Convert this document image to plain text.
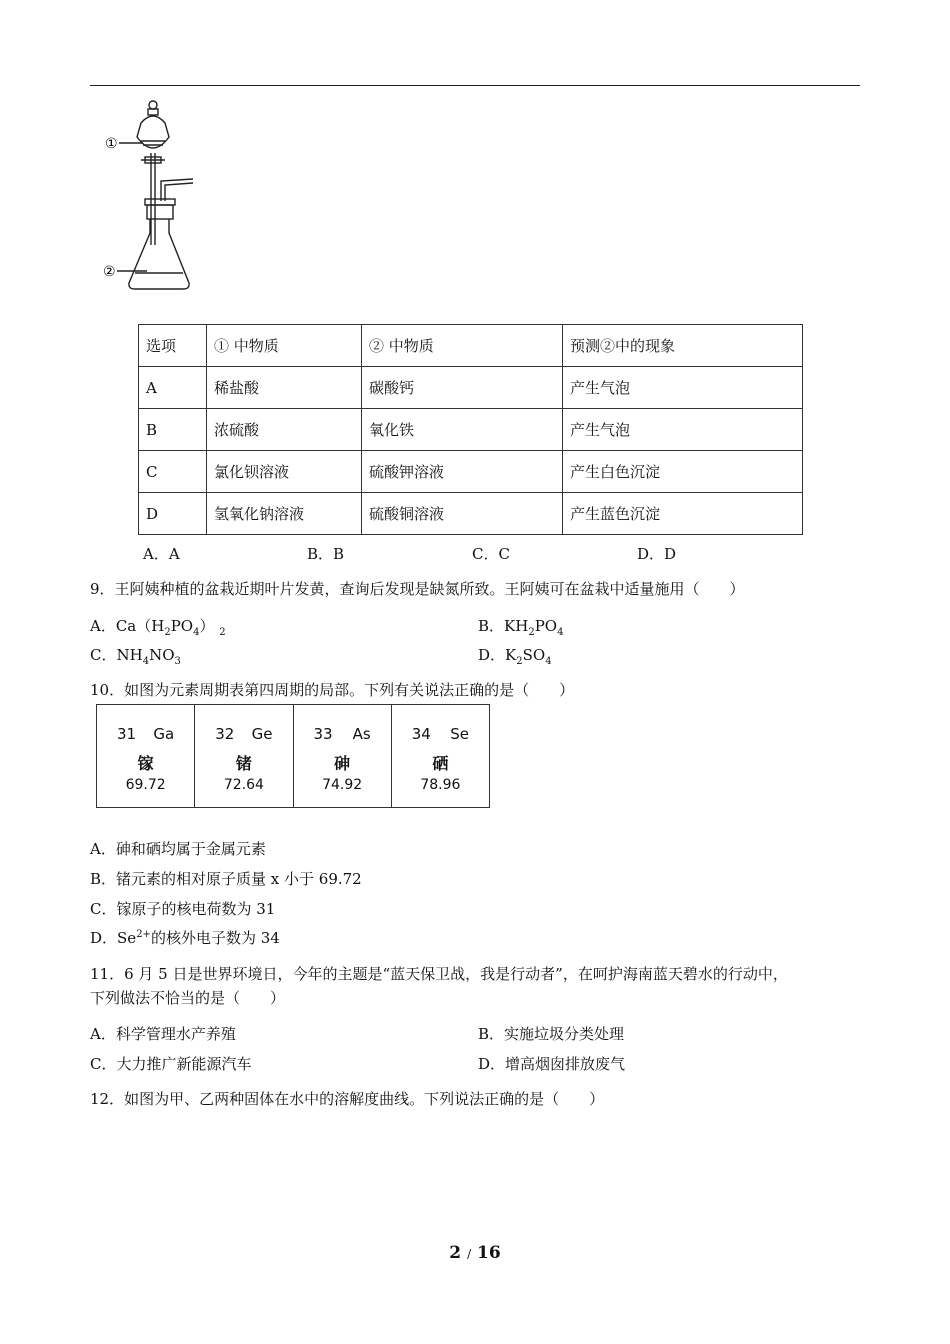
①
②
选项	① 中物质	② 中物质	预测②中的现象
A	稀盐酸	碳酸钙	产生气泡
B	浓硫酸	氧化铁	产生气泡
C	氯化钡溶液	硫酸钾溶液	产生白色沉淀
D	氢氧化钠溶液	硫酸铜溶液	产生蓝色沉淀
A．A	B．B	C．C	D．D
9．王阿姨种植的盆栽近期叶片发黄，查询后发现是缺氮所致。王阿姨可在盆栽中适量施用（　　）
A．$Ca(H_2PO_4)$ $_2$	B．$KH_2PO_4$
C．$NH_4NO_3$	D．$K_2SO_4$
10．如图为元素周期表第四周期的局部。下列有关说法正确的是（　　）
31 Ga
镓
69.72
32 Ge
锗
72.64
33 As
砷
74.92
34 Se
硒
78.96
A．砷和硒均属于金属元素
B．锗元素的相对原子质量 x 小于 69.72
C．镓原子的核电荷数为 31
D．$Se^{2+}$的核外电子数为 34
11．6 月 5 日是世界环境日，今年的主题是“蓝天保卫战，我是行动者”，在呵护海南蓝天碧水的行动中，
下列做法不恰当的是（　　）
A．科学管理水产养殖	B．实施垃圾分类处理
C．大力推广新能源汽车	D．增高烟囱排放废气
12．如图为甲、乙两种固体在水中的溶解度曲线。下列说法正确的是（　　）
2 / 16
